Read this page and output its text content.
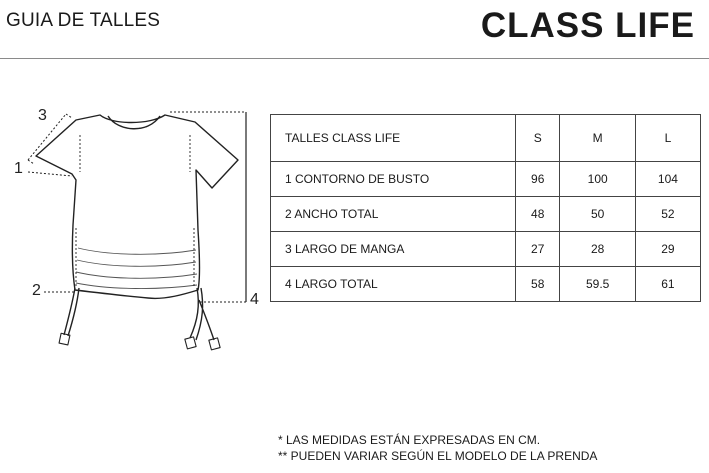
GUIA DE TALLES	CLASS LIFE
3
1
2
4
TALLES CLASS LIFE	S	M	L
1 CONTORNO DE BUSTO	96	100	104
2 ANCHO TOTAL	48	50	52
3 LARGO DE MANGA	27	28	29
4 LARGO TOTAL	58	59.5	61
* LAS MEDIDAS ESTÁN EXPRESADAS EN CM.
** PUEDEN VARIAR SEGÚN EL MODELO DE LA PRENDA
